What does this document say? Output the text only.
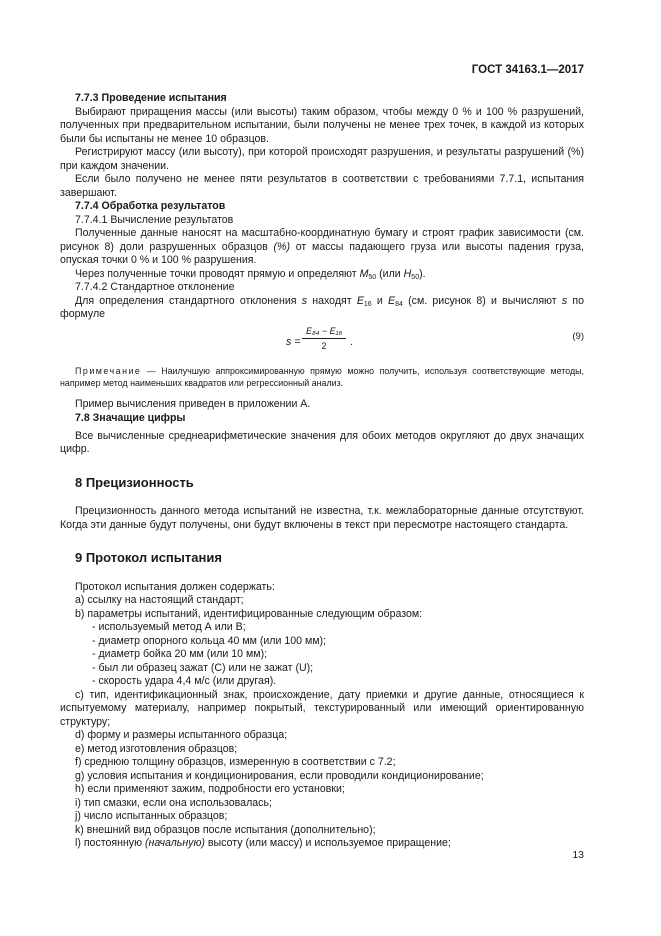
ГОСТ 34163.1—2017

7.7.3 Проведение испытания

Выбирают приращения массы (или высоты) таким образом, чтобы между 0 % и 100 % разрушений, полученных при предварительном испытании, были получены не менее трех точек, в каждой из которых были бы испытаны не менее 10 образцов.

Регистрируют массу (или высоту), при которой происходят разрушения, и результаты разрушений (%) при каждом значении.

Если было получено не менее пяти результатов в соответствии с требованиями 7.7.1, испытания завершают.

7.7.4 Обработка результатов

7.7.4.1 Вычисление результатов

Полученные данные наносят на масштабно-координатную бумагу и строят график зависимости (см. рисунок 8) доли разрушенных образцов (%) от массы падающего груза или высоты падения груза, опуская точки 0 % и 100 % разрушения.

Через полученные точки проводят прямую и определяют $M_{50}$ (или $H_{50}$).

7.7.4.2 Стандартное отклонение

Для определения стандартного отклонения s находят $E_{16}$ и $E_{84}$ (см. рисунок 8) и вычисляют s по формуле

$s = \frac{\text{E₈₄ − E₁₆}}{2}$ .	(9)

Примечание — Наилучшую аппроксимированную прямую можно получить, используя соответствующие методы, например метод наименьших квадратов или регрессионный анализ.

Пример вычисления приведен в приложении А.

7.8 Значащие цифры

Все вычисленные среднеарифметические значения для обоих методов округляют до двух значащих цифр.

8 Прецизионность

Прецизионность данного метода испытаний не известна, т.к. межлабораторные данные отсутствуют. Когда эти данные будут получены, они будут включены в текст при пересмотре настоящего стандарта.

9 Протокол испытания

Протокол испытания должен содержать:

a) ссылку на настоящий стандарт;

b) параметры испытаний, идентифицированные следующим образом:

- используемый метод А или В;

- диаметр опорного кольца 40 мм (или 100 мм);

- диаметр бойка 20 мм (или 10 мм);

- был ли образец зажат (С) или не зажат (U);

- скорость удара 4,4 м/с (или другая).

c) тип, идентификационный знак, происхождение, дату приемки и другие данные, относящиеся к испытуемому материалу, например покрытый, текстурированный или имеющий ориентированную структуру;

d) форму и размеры испытанного образца;

e) метод изготовления образцов;

f) среднюю толщину образцов, измеренную в соответствии с 7.2;

g) условия испытания и кондиционирования, если проводили кондиционирование;

h) если применяют зажим, подробности его установки;

i) тип смазки, если она использовалась;

j) число испытанных образцов;

k) внешний вид образцов после испытания (дополнительно);

l) постоянную (начальную) высоту (или массу) и используемое приращение;

13
